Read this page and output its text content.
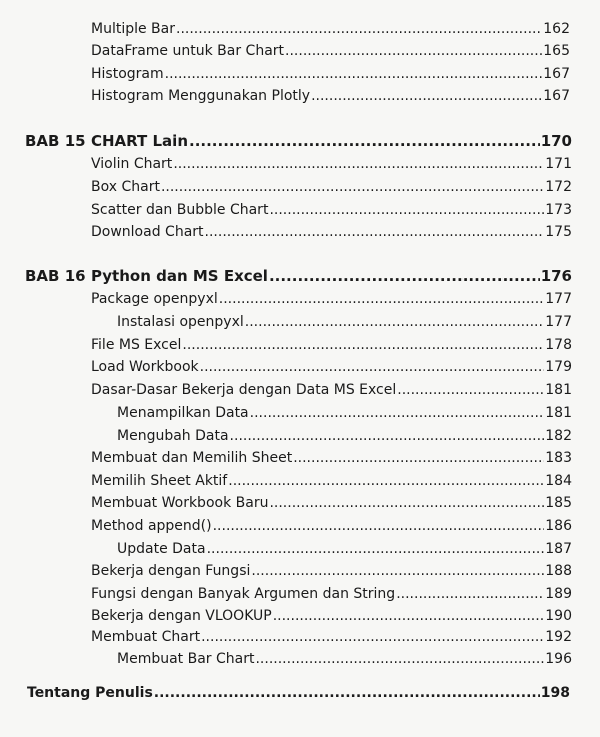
Multiple Bar .....	162
DataFrame untuk Bar Chart .....	165
Histogram .....	167
Histogram Menggunakan Plotly .....	167
BAB 15 CHART Lain .....	170
Violin Chart .....	171
Box Chart .....	172
Scatter dan Bubble Chart .....	173
Download Chart .....	175
BAB 16 Python dan MS Excel .....	176
Package openpyxl .....	177
Instalasi openpyxl .....	177
File MS Excel .....	178
Load Workbook .....	179
Dasar-Dasar Bekerja dengan Data MS Excel .....	181
Menampilkan Data .....	181
Mengubah Data .....	182
Membuat dan Memilih Sheet .....	183
Memilih Sheet Aktif .....	184
Membuat Workbook Baru .....	185
Method append() .....	186
Update Data .....	187
Bekerja dengan Fungsi .....	188
Fungsi dengan Banyak Argumen dan String .....	189
Bekerja dengan VLOOKUP .....	190
Membuat Chart .....	192
Membuat Bar Chart .....	196
Tentang Penulis .....	198
